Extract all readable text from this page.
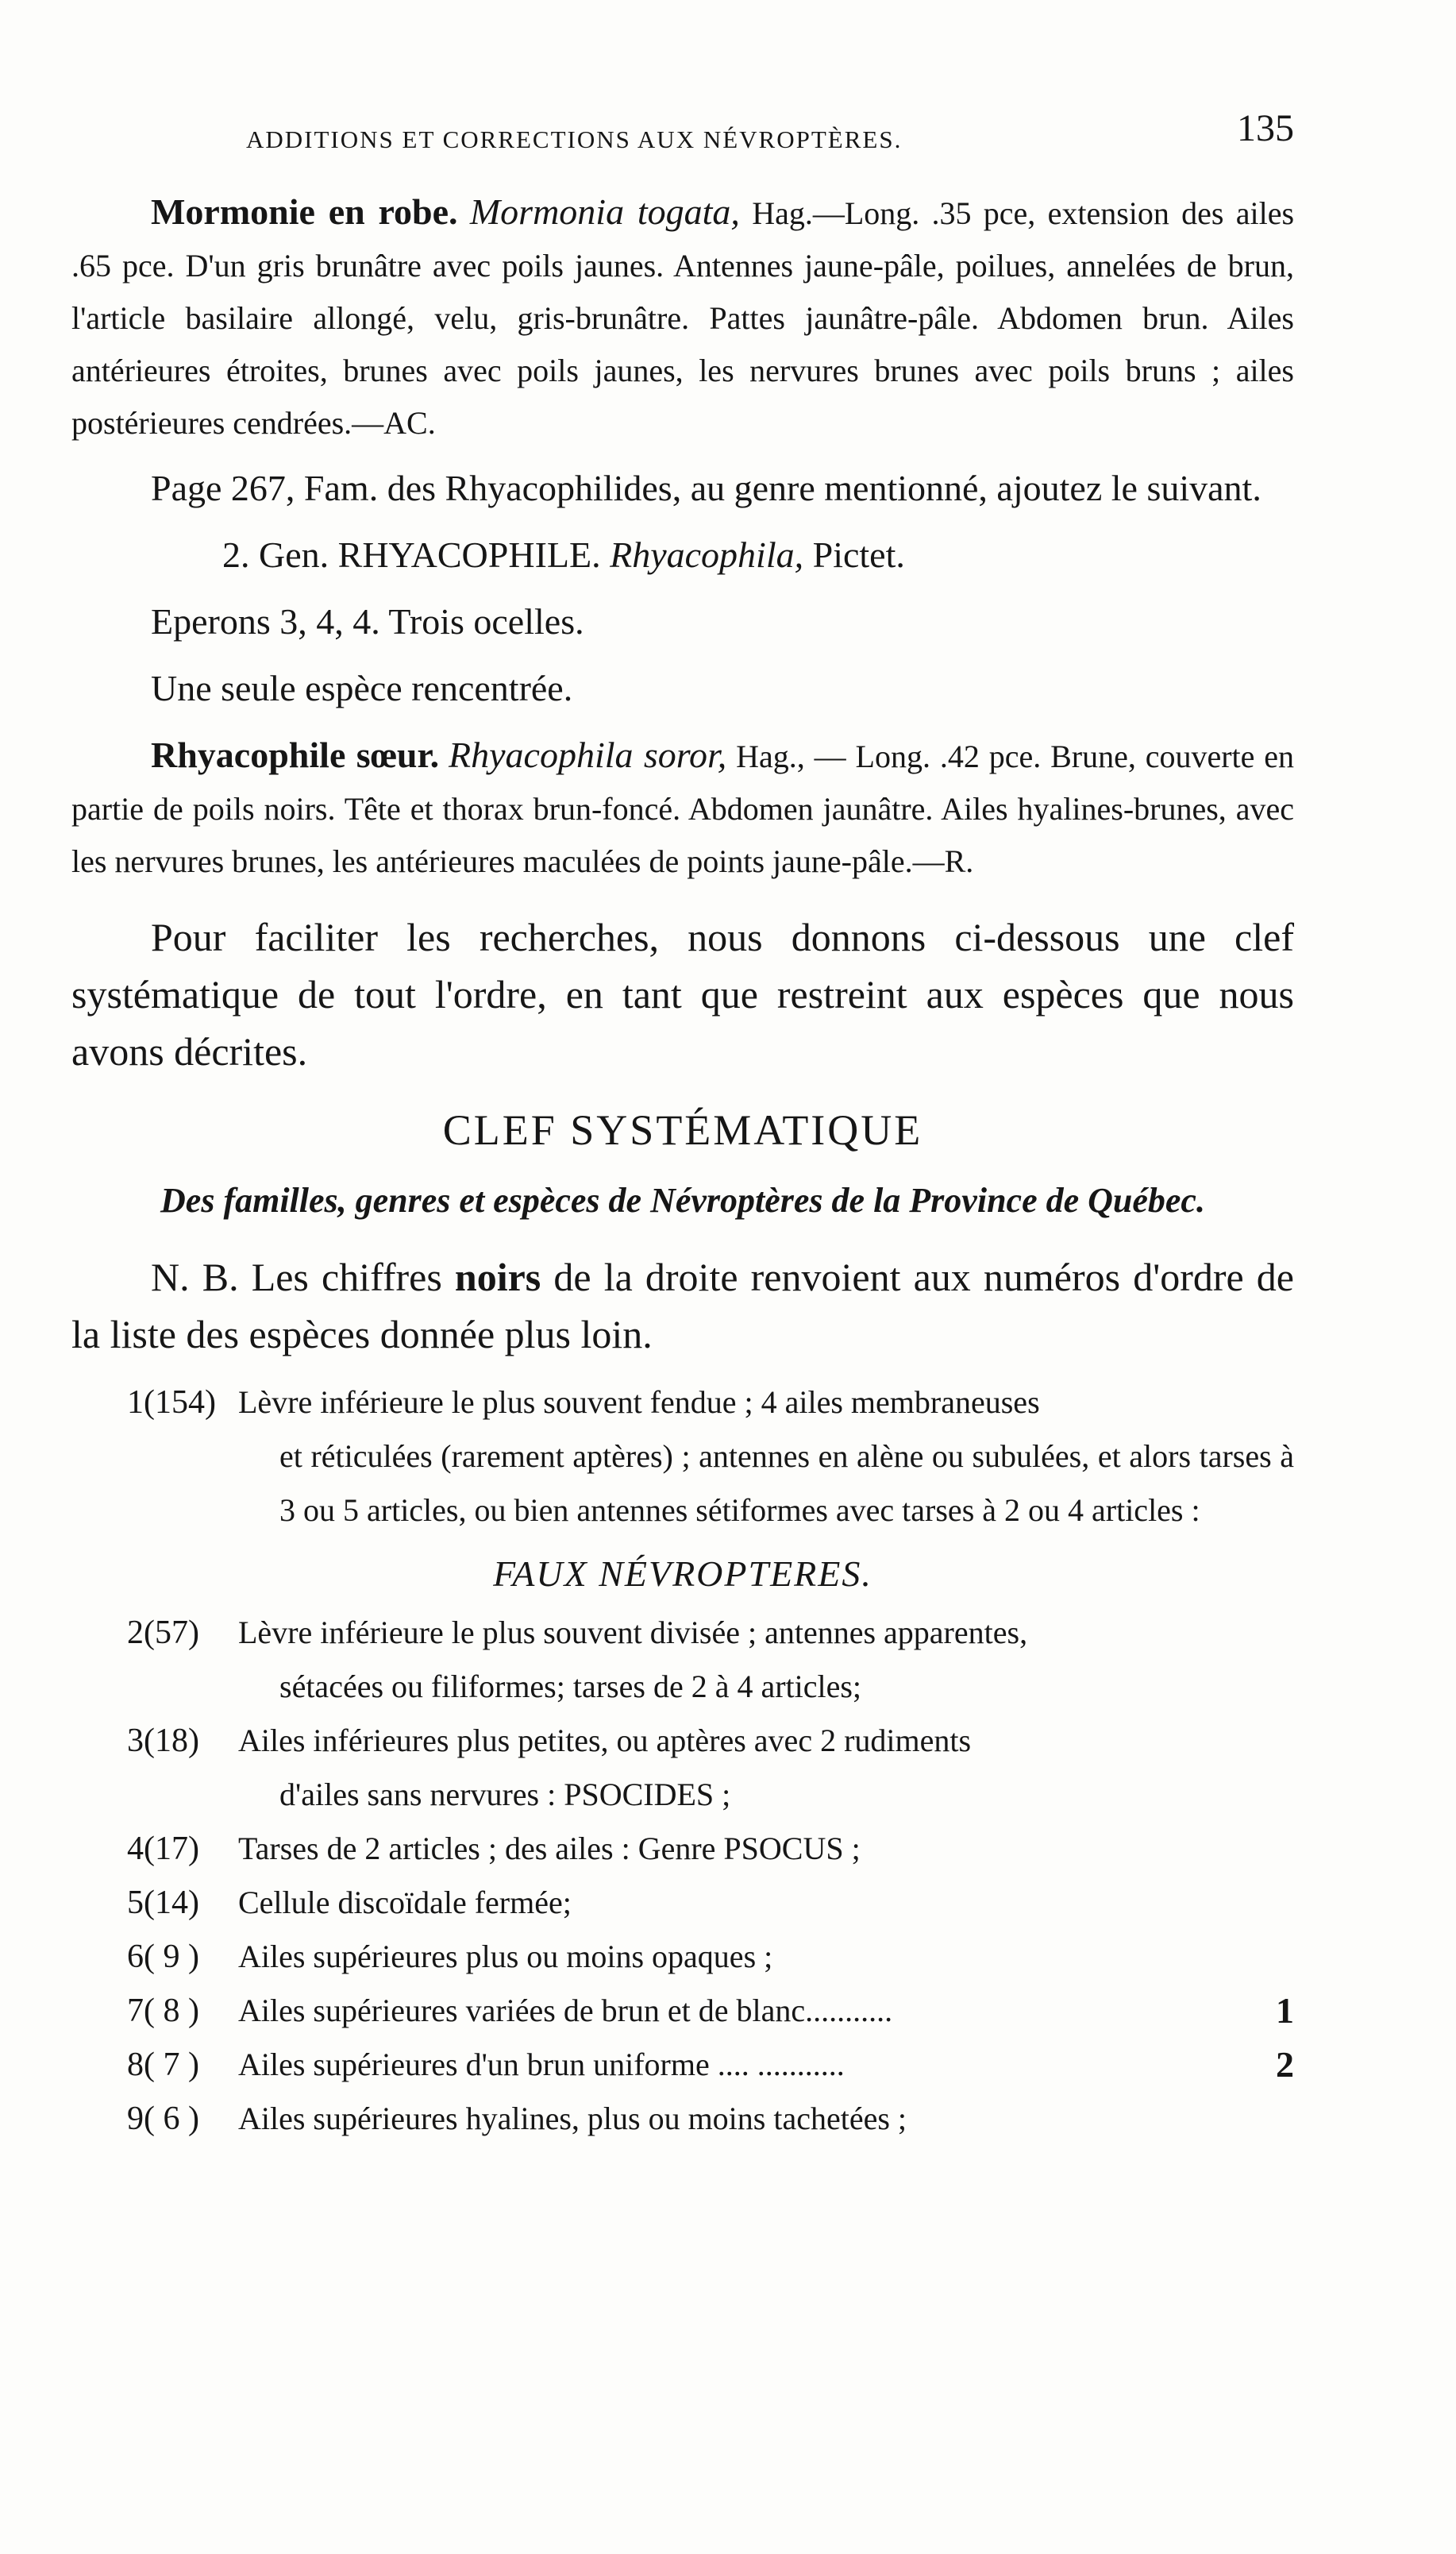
ADDITIONS ET CORRECTIONS AUX NÉVROPTÈRES.	135

Mormonie en robe. Mormonia togata, Hag.—Long. .35 pce, extension des ailes .65 pce. D'un gris brunâtre avec poils jaunes. Antennes jaune-pâle, poilues, annelées de brun, l'article basilaire allongé, velu, gris-brunâtre. Pattes jaunâtre-pâle. Abdomen brun. Ailes antérieures étroites, brunes avec poils jaunes, les nervures brunes avec poils bruns ; ailes postérieures cendrées.—AC.

Page 267, Fam. des Rhyacophilides, au genre mentionné, ajoutez le suivant.

2. Gen. RHYACOPHILE. Rhyacophila, Pictet.

Eperons 3, 4, 4. Trois ocelles.

Une seule espèce rencentrée.

Rhyacophile sœur. Rhyacophila soror, Hag., — Long. .42 pce. Brune, couverte en partie de poils noirs. Tête et thorax brun-foncé. Abdomen jaunâtre. Ailes hyalines-brunes, avec les nervures brunes, les antérieures maculées de points jaune-pâle.—R.

Pour faciliter les recherches, nous donnons ci-dessous une clef systématique de tout l'ordre, en tant que restreint aux espèces que nous avons décrites.

CLEF SYSTÉMATIQUE

Des familles, genres et espèces de Névroptères de la Province de Québec.

N. B. Les chiffres noirs de la droite renvoient aux numéros d'ordre de la liste des espèces donnée plus loin.

1(154) Lèvre inférieure le plus souvent fendue ; 4 ailes membraneuses
et réticulées (rarement aptères) ; antennes en alène ou subulées, et alors tarses à 3 ou 5 articles, ou bien antennes sétiformes avec tarses à 2 ou 4 articles :

FAUX NÉVROPTERES.

2(57) Lèvre inférieure le plus souvent divisée ; antennes apparentes,
sétacées ou filiformes; tarses de 2 à 4 articles;
3(18) Ailes inférieures plus petites, ou aptères avec 2 rudiments
d'ailes sans nervures : PSOCIDES ;
4(17) Tarses de 2 articles ; des ailes : Genre PSOCUS ;
5(14) Cellule discoïdale fermée;
6( 9 ) Ailes supérieures plus ou moins opaques ;
7( 8 ) Ailes supérieures variées de brun et de blanc...........	1
8( 7 ) Ailes supérieures d'un brun uniforme .... ...........	2
9( 6 ) Ailes supérieures hyalines, plus ou moins tachetées ;
